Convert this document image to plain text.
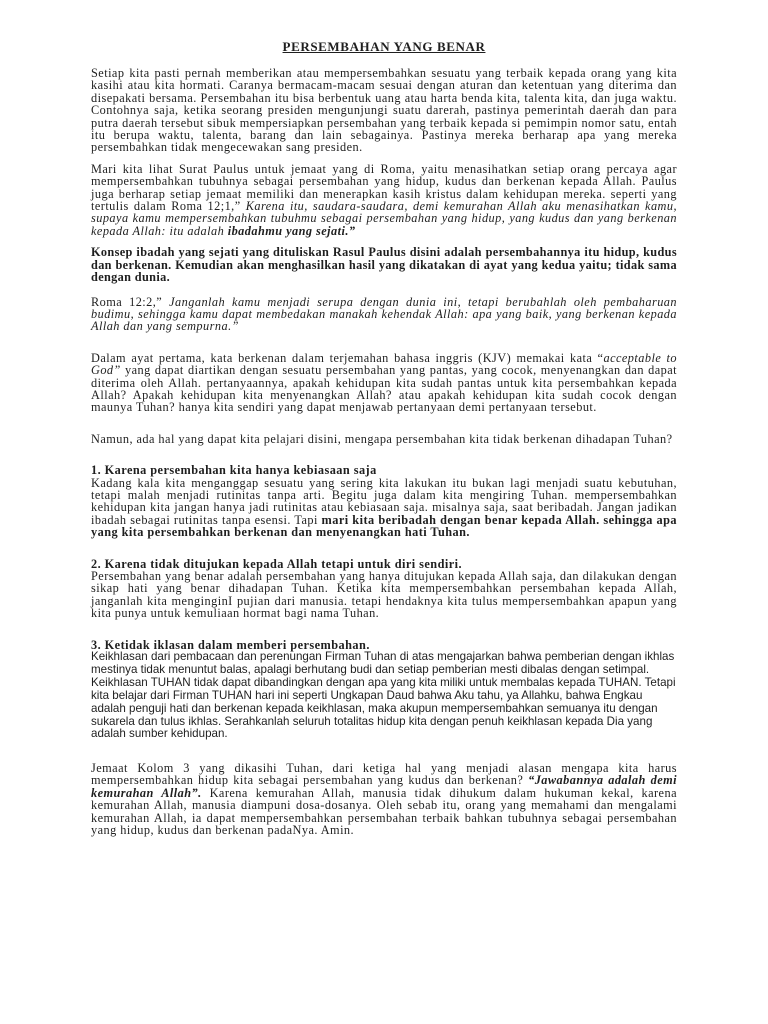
PERSEMBAHAN YANG BENAR

Setiap kita pasti pernah memberikan atau mempersembahkan sesuatu yang terbaik kepada orang yang kita kasihi atau kita hormati. Caranya bermacam-macam sesuai dengan aturan dan ketentuan yang diterima dan disepakati bersama. Persembahan itu bisa berbentuk uang atau harta benda kita, talenta kita, dan juga waktu. Contohnya saja, ketika seorang presiden mengunjungi suatu darerah, pastinya pemerintah daerah dan para putra daerah tersebut sibuk mempersiapkan persembahan yang terbaik kepada si pemimpin nomor satu, entah itu berupa waktu, talenta, barang dan lain sebagainya. Pastinya mereka berharap apa yang mereka persembahkan tidak mengecewakan sang presiden.

Mari kita lihat Surat Paulus untuk jemaat yang di Roma, yaitu menasihatkan setiap orang percaya agar mempersembahkan tubuhnya sebagai persembahan yang hidup, kudus dan berkenan kepada Allah. Paulus juga berharap setiap jemaat memiliki dan menerapkan kasih kristus dalam kehidupan mereka. seperti yang tertulis dalam Roma 12;1,” Karena itu, saudara-saudara, demi kemurahan Allah aku menasihatkan kamu, supaya kamu mempersembahkan tubuhmu sebagai persembahan yang hidup, yang kudus dan yang berkenan kepada Allah: itu adalah ibadahmu yang sejati.”

Konsep ibadah yang sejati yang dituliskan Rasul Paulus disini adalah persembahannya itu hidup, kudus dan berkenan. Kemudian akan menghasilkan hasil yang dikatakan di ayat yang kedua yaitu; tidak sama dengan dunia.

Roma 12:2,” Janganlah kamu menjadi serupa dengan dunia ini, tetapi berubahlah oleh pembaharuan budimu, sehingga kamu dapat membedakan manakah kehendak Allah: apa yang baik, yang berkenan kepada Allah dan yang sempurna.”

Dalam ayat pertama, kata berkenan dalam terjemahan bahasa inggris (KJV) memakai kata “acceptable to God” yang dapat diartikan dengan sesuatu persembahan yang pantas, yang cocok, menyenangkan dan dapat diterima oleh Allah. pertanyaannya, apakah kehidupan kita sudah pantas untuk kita persembahkan kepada Allah? Apakah kehidupan kita menyenangkan Allah? atau apakah kehidupan kita sudah cocok dengan maunya Tuhan? hanya kita sendiri yang dapat menjawab pertanyaan demi pertanyaan tersebut.

Namun, ada hal yang dapat kita pelajari disini, mengapa persembahan kita tidak berkenan dihadapan Tuhan?

1. Karena persembahan kita hanya kebiasaan saja

Kadang kala kita menganggap sesuatu yang sering kita lakukan itu bukan lagi menjadi suatu kebutuhan, tetapi malah menjadi rutinitas tanpa arti. Begitu juga dalam kita mengiring Tuhan. mempersembahkan kehidupan kita jangan hanya jadi rutinitas atau kebiasaan saja. misalnya saja, saat beribadah. Jangan jadikan ibadah sebagai rutinitas tanpa esensi. Tapi mari kita beribadah dengan benar kepada Allah. sehingga apa yang kita persembahkan berkenan dan menyenangkan hati Tuhan.

2. Karena tidak ditujukan kepada Allah tetapi untuk diri sendiri.

Persembahan yang benar adalah persembahan yang hanya ditujukan kepada Allah saja, dan dilakukan dengan sikap hati yang benar dihadapan Tuhan. Ketika kita mempersembahkan persembahan kepada Allah, janganlah kita menginginI pujian dari manusia. tetapi hendaknya kita tulus mempersembahkan apapun yang kita punya untuk kemuliaan hormat bagi nama Tuhan.

3. Ketidak iklasan dalam memberi persembahan.

Keikhlasan dari pembacaan dan perenungan Firman Tuhan di atas mengajarkan bahwa pemberian dengan ikhlas mestinya tidak menuntut balas, apalagi berhutang budi dan setiap pemberian mesti dibalas dengan setimpal. Keikhlasan TUHAN tidak dapat dibandingkan dengan apa yang kita miliki untuk membalas kepada TUHAN. Tetapi kita belajar dari Firman TUHAN hari ini seperti Ungkapan Daud bahwa Aku tahu, ya Allahku, bahwa Engkau adalah penguji hati dan berkenan kepada keikhlasan, maka akupun mempersembahkan semuanya itu dengan sukarela dan tulus ikhlas. Serahkanlah seluruh totalitas hidup kita dengan penuh keikhlasan kepada Dia yang adalah sumber kehidupan.

Jemaat Kolom 3 yang dikasihi Tuhan, dari ketiga hal yang menjadi alasan mengapa kita harus mempersembahkan hidup kita sebagai persembahan yang kudus dan berkenan? “Jawabannya adalah demi kemurahan Allah”. Karena kemurahan Allah, manusia tidak dihukum dalam hukuman kekal, karena kemurahan Allah, manusia diampuni dosa-dosanya. Oleh sebab itu, orang yang memahami dan mengalami kemurahan Allah, ia dapat mempersembahkan persembahan terbaik bahkan tubuhnya sebagai persembahan yang hidup, kudus dan berkenan padaNya. Amin.
